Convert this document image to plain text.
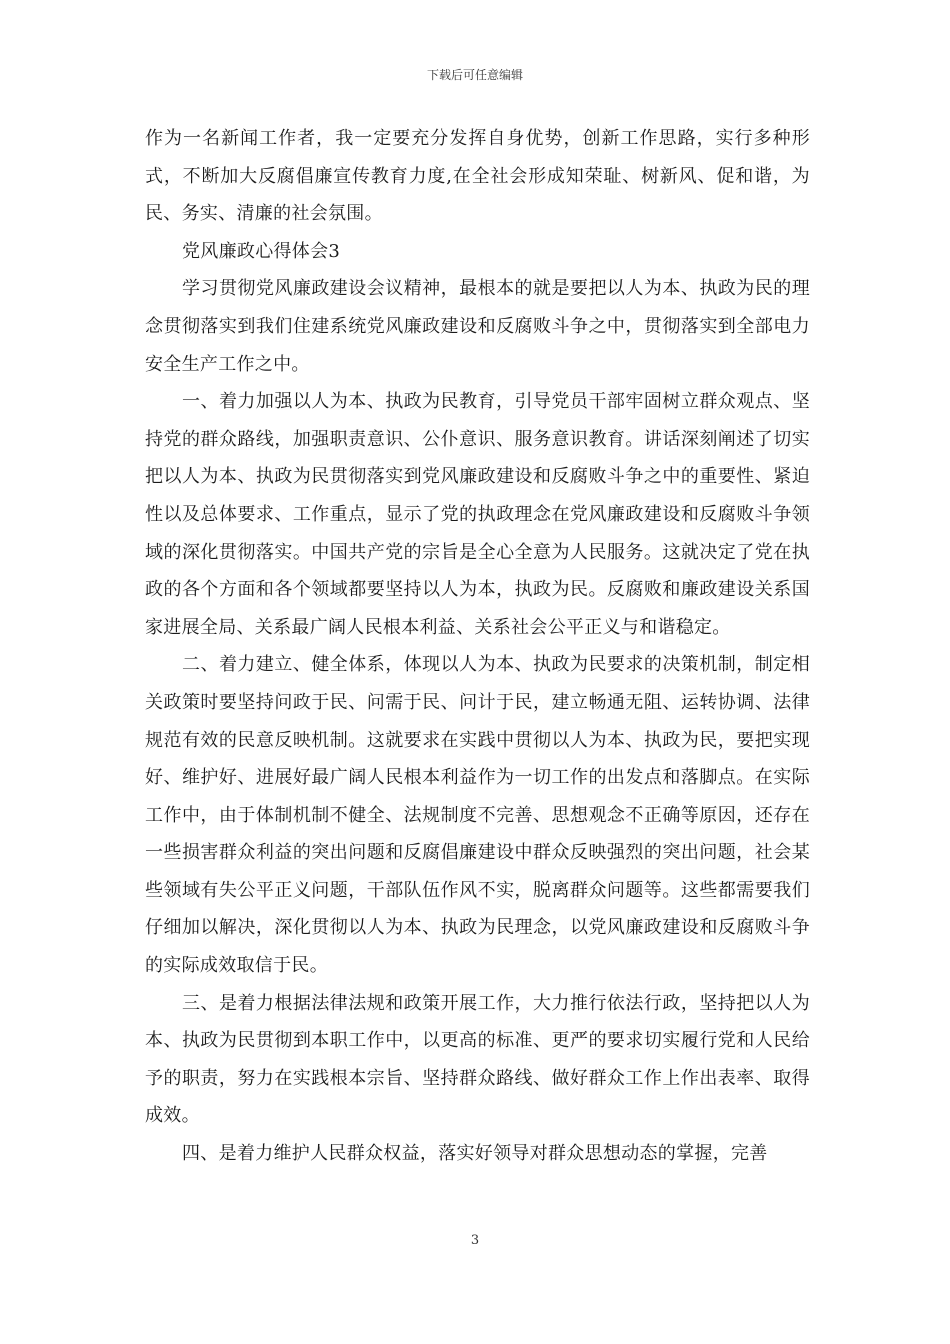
下载后可任意编辑

作为一名新闻工作者，我一定要充分发挥自身优势，创新工作思路，实行多种形式，不断加大反腐倡廉宣传教育力度,在全社会形成知荣耻、树新风、促和谐，为民、务实、清廉的社会氛围。

党风廉政心得体会3

学习贯彻党风廉政建设会议精神，最根本的就是要把以人为本、执政为民的理念贯彻落实到我们住建系统党风廉政建设和反腐败斗争之中，贯彻落实到全部电力安全生产工作之中。

一、着力加强以人为本、执政为民教育，引导党员干部牢固树立群众观点、坚持党的群众路线，加强职责意识、公仆意识、服务意识教育。讲话深刻阐述了切实把以人为本、执政为民贯彻落实到党风廉政建设和反腐败斗争之中的重要性、紧迫性以及总体要求、工作重点，显示了党的执政理念在党风廉政建设和反腐败斗争领域的深化贯彻落实。中国共产党的宗旨是全心全意为人民服务。这就决定了党在执政的各个方面和各个领域都要坚持以人为本，执政为民。反腐败和廉政建设关系国家进展全局、关系最广阔人民根本利益、关系社会公平正义与和谐稳定。

二、着力建立、健全体系，体现以人为本、执政为民要求的决策机制，制定相关政策时要坚持问政于民、问需于民、问计于民，建立畅通无阻、运转协调、法律规范有效的民意反映机制。这就要求在实践中贯彻以人为本、执政为民，要把实现好、维护好、进展好最广阔人民根本利益作为一切工作的出发点和落脚点。在实际工作中，由于体制机制不健全、法规制度不完善、思想观念不正确等原因，还存在一些损害群众利益的突出问题和反腐倡廉建设中群众反映强烈的突出问题，社会某些领域有失公平正义问题，干部队伍作风不实，脱离群众问题等。这些都需要我们仔细加以解决，深化贯彻以人为本、执政为民理念，以党风廉政建设和反腐败斗争的实际成效取信于民。

三、是着力根据法律法规和政策开展工作，大力推行依法行政，坚持把以人为本、执政为民贯彻到本职工作中，以更高的标准、更严的要求切实履行党和人民给予的职责，努力在实践根本宗旨、坚持群众路线、做好群众工作上作出表率、取得成效。

四、是着力维护人民群众权益，落实好领导对群众思想动态的掌握，完善

3
